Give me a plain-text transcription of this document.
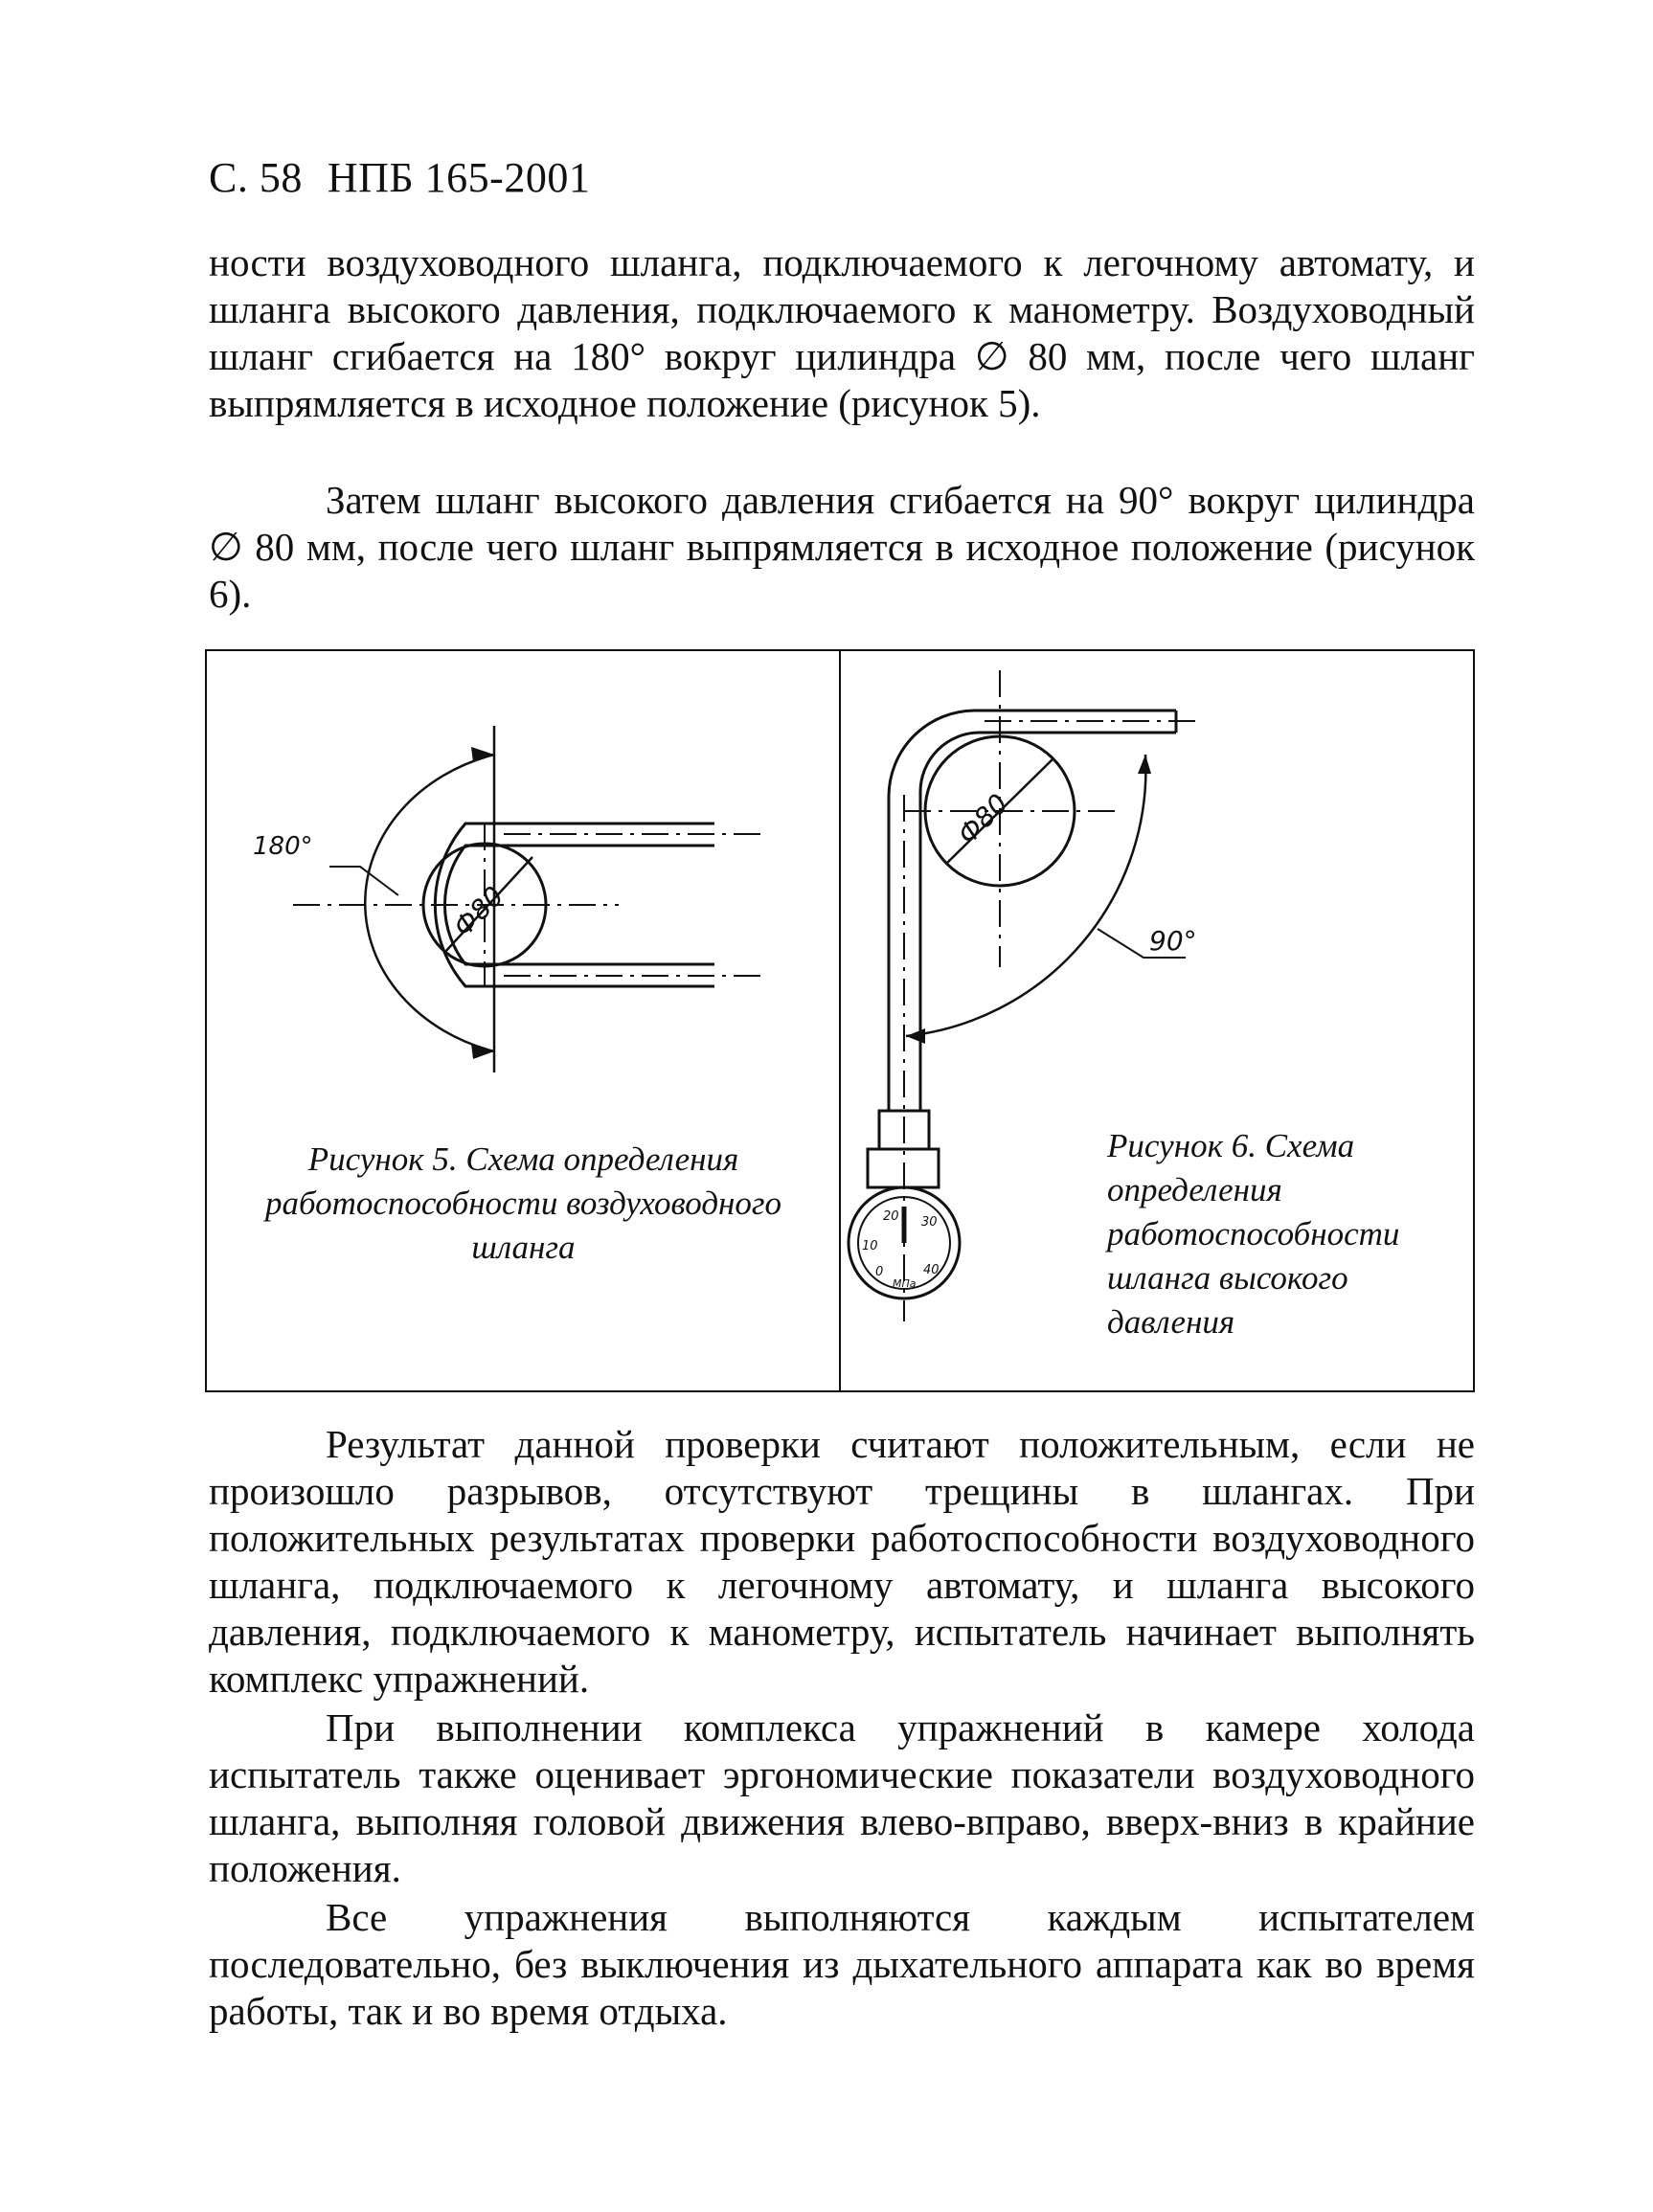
С. 58 НПБ 165-2001
ности воздуховодного шланга, подключаемого к легочному автомату, и шланга высокого давления, подключаемого к манометру. Воздуховодный шланг сгибается на 180° вокруг цилиндра ∅ 80 мм, после чего шланг выпрямляется в исходное положение (рисунок 5).
Затем шланг высокого давления сгибается на 90° вокруг цилиндра ∅ 80 мм, после чего шланг выпрямляется в исходное положение (рисунок 6).
Ф80
180°
Рисунок 5. Схема определения работоспособности воздуховодного шланга
Ф80
90°
0
10
20 30
40
МПа
Рисунок 6. Схема определения работоспособности шланга высокого давления
Результат данной проверки считают положительным, если не произошло разрывов, отсутствуют трещины в шлангах. При положительных результатах проверки работоспособности воздуховодного шланга, подключаемого к легочному автомату, и шланга высокого давления, подключаемого к манометру, испытатель начинает выполнять комплекс упражнений.
При выполнении комплекса упражнений в камере холода испытатель также оценивает эргономические показатели воздуховодного шланга, выполняя головой движения влево-вправо, вверх-вниз в крайние положения.
Все упражнения выполняются каждым испытателем последовательно, без выключения из дыхательного аппарата как во время работы, так и во время отдыха.
